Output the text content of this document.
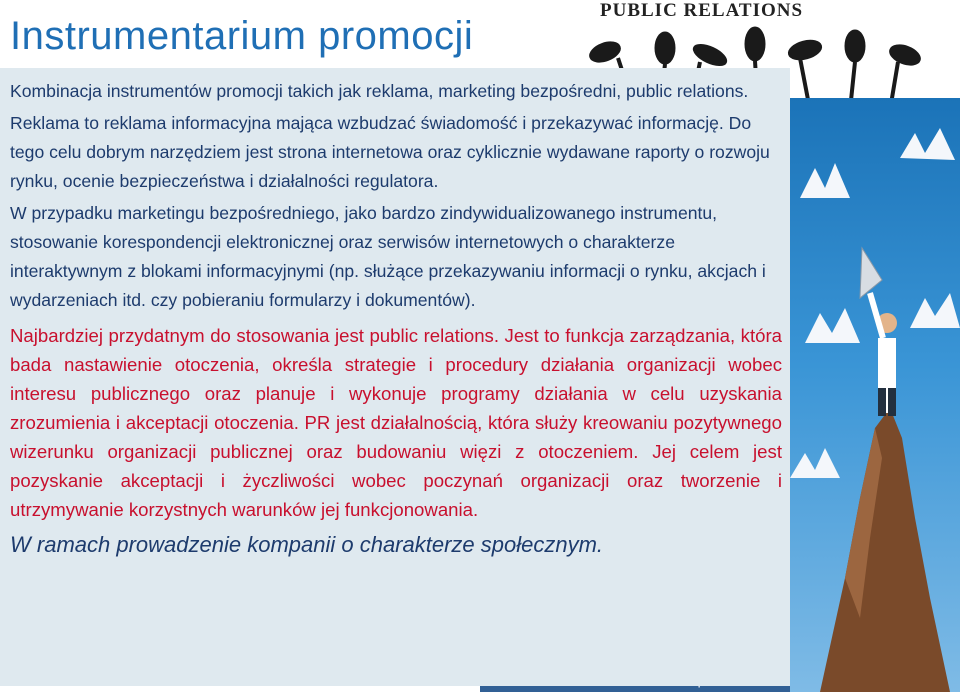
Instrumentarium promocji
PUBLIC RELATIONS

Kombinacja instrumentów promocji takich jak reklama, marketing bezpośredni, public relations.

Reklama to reklama informacyjna mająca wzbudzać świadomość i przekazywać informację. Do tego celu dobrym narzędziem jest strona internetowa oraz cyklicznie wydawane raporty o rozwoju rynku, ocenie bezpieczeństwa i działalności regulatora.

W przypadku marketingu bezpośredniego, jako bardzo zindywidualizowanego instrumentu, stosowanie korespondencji elektronicznej oraz serwisów internetowych o charakterze interaktywnym z blokami informacyjnymi (np. służące przekazywaniu informacji o rynku, akcjach i wydarzeniach itd. czy pobieraniu formularzy i dokumentów).

Najbardziej przydatnym do stosowania jest public relations. Jest to funkcja zarządzania, która bada nastawienie otoczenia, określa strategie i procedury działania organizacji wobec interesu publicznego oraz planuje i wykonuje programy działania w celu uzyskania zrozumienia i akceptacji otoczenia. PR jest działalnością, która służy kreowaniu pozytywnego wizerunku organizacji publicznej oraz budowaniu więzi z otoczeniem. Jej celem jest pozyskanie akceptacji i życzliwości wobec poczynań organizacji oraz tworzenie i utrzymywanie korzystnych warunków jej funkcjonowania.

W ramach prowadzenie kompanii o charakterze społecznym.
